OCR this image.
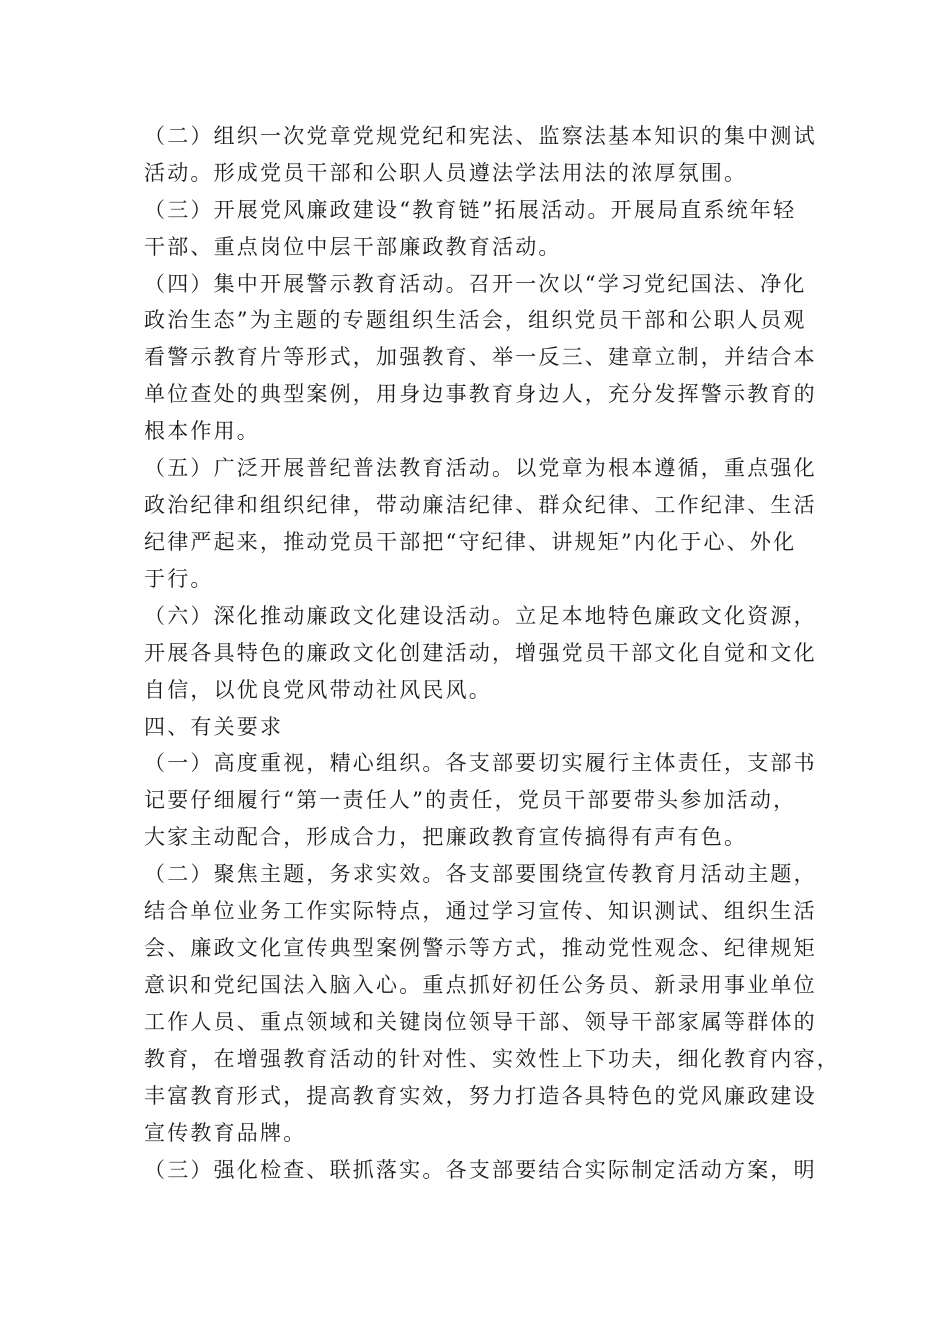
（二）组织一次党章党规党纪和宪法、监察法基本知识的集中测试
活动。形成党员干部和公职人员遵法学法用法的浓厚氛围。
（三）开展党风廉政建设“教育链”拓展活动。开展局直系统年轻
干部、重点岗位中层干部廉政教育活动。
（四）集中开展警示教育活动。召开一次以“学习党纪国法、净化
政治生态”为主题的专题组织生活会，组织党员干部和公职人员观
看警示教育片等形式，加强教育、举一反三、建章立制，并结合本
单位查处的典型案例，用身边事教育身边人，充分发挥警示教育的
根本作用。
（五）广泛开展普纪普法教育活动。以党章为根本遵循，重点强化
政治纪律和组织纪律，带动廉洁纪律、群众纪律、工作纪津、生活
纪律严起来，推动党员干部把“守纪律、讲规矩”内化于心、外化
于行。
（六）深化推动廉政文化建设活动。立足本地特色廉政文化资源，
开展各具特色的廉政文化创建活动，增强党员干部文化自觉和文化
自信，以优良党风带动社风民风。
四、有关要求
（一）高度重视，精心组织。各支部要切实履行主体责任，支部书
记要仔细履行“第一责任人”的责任，党员干部要带头参加活动，
大家主动配合，形成合力，把廉政教育宣传搞得有声有色。
（二）聚焦主题，务求实效。各支部要围绕宣传教育月活动主题，
结合单位业务工作实际特点，通过学习宣传、知识测试、组织生活
会、廉政文化宣传典型案例警示等方式，推动党性观念、纪律规矩
意识和党纪国法入脑入心。重点抓好初任公务员、新录用事业单位
工作人员、重点领域和关键岗位领导干部、领导干部家属等群体的
教育，在增强教育活动的针对性、实效性上下功夫，细化教育内容，
丰富教育形式，提高教育实效，努力打造各具特色的党风廉政建设
宣传教育品牌。
（三）强化检查、联抓落实。各支部要结合实际制定活动方案，明
